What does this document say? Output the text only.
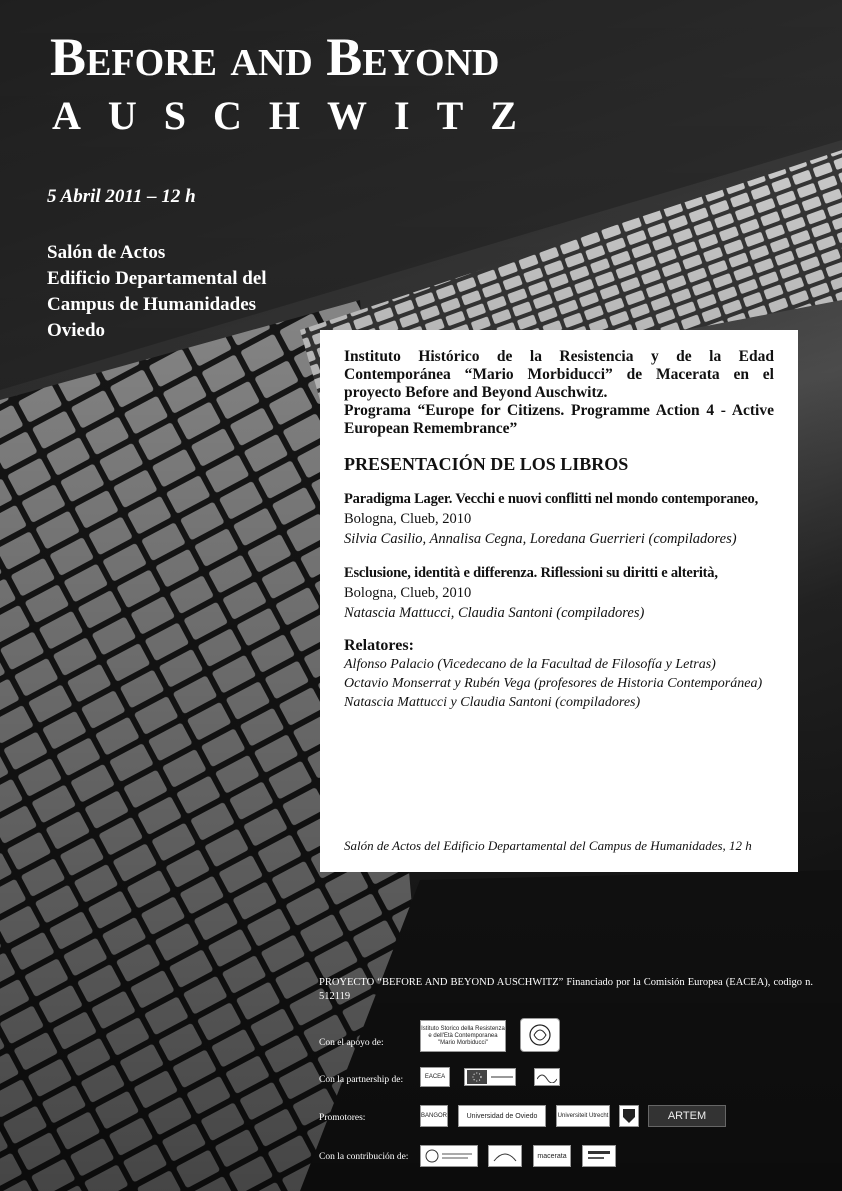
Before and Beyond
AUSCHWITZ
5 Abril 2011 – 12 h
Salón de Actos
Edificio Departamental del
Campus de Humanidades
Oviedo
Instituto Histórico de la Resistencia y de la Edad Contemporánea “Mario Morbiducci” de Macerata en el proyecto Before and Beyond Auschwitz.
Programa “Europe for Citizens. Programme Action 4 - Active European Remembrance”
PRESENTACIÓN DE LOS LIBROS
Paradigma Lager. Vecchi e nuovi conflitti nel mondo contemporaneo,
Bologna, Clueb, 2010
Silvia Casilio, Annalisa Cegna, Loredana Guerrieri (compiladores)
Esclusione, identità e differenza. Riflessioni su diritti e alterità,
Bologna, Clueb, 2010
Natascia Mattucci, Claudia Santoni (compiladores)
Relatores:
Alfonso Palacio (Vicedecano de la Facultad de Filosofía y Letras)
Octavio Monserrat y Rubén Vega (profesores de Historia Contemporánea)
Natascia Mattucci y Claudia Santoni (compiladores)
Salón de Actos del Edificio Departamental del Campus de Humanidades, 12 h
PROYECTO “BEFORE AND BEYOND AUSCHWITZ” Financiado por la Comisión Europea (EACEA), codigo n. 512119
Con el apoyo de:
Con la partnership de:
Promotores:
Con la contribución de:
Istituto Storico della Resistenza e dell'Età Contemporanea "Mario Morbiducci"
EACEA
BANGOR	Universidad de Oviedo	Universiteit Utrecht	ARTEM
macerata
